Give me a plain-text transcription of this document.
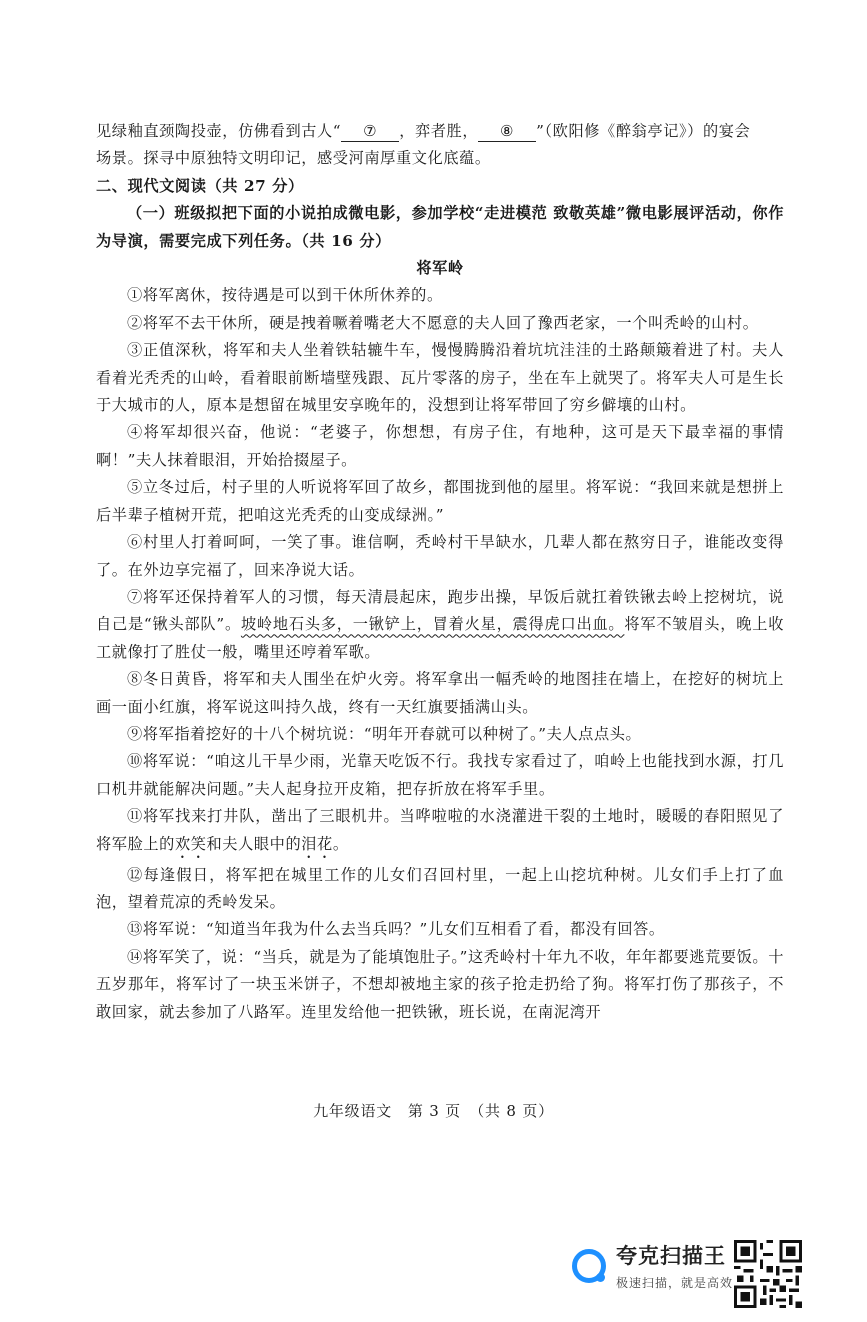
见绿釉直颈陶投壶，仿佛看到古人“ ⑦ ，弈者胜， ⑧ ”（欧阳修《醉翁亭记》）的宴会
场景。探寻中原独特文明印记，感受河南厚重文化底蕴。

二、现代文阅读（共 27 分）

（一）班级拟把下面的小说拍成微电影，参加学校“走进模范 致敬英雄”微电影展评活动，你作为导演，需要完成下列任务。（共 16 分）

将军岭

①将军离休，按待遇是可以到干休所休养的。

②将军不去干休所，硬是拽着噘着嘴老大不愿意的夫人回了豫西老家，一个叫秃岭的山村。

③正值深秋，将军和夫人坐着铁轱辘牛车，慢慢腾腾沿着坑坑洼洼的土路颠簸着进了村。夫人看着光秃秃的山岭，看着眼前断墙壁残跟、瓦片零落的房子，坐在车上就哭了。将军夫人可是生长于大城市的人，原本是想留在城里安享晚年的，没想到让将军带回了穷乡僻壤的山村。

④将军却很兴奋，他说：“老婆子，你想想，有房子住，有地种，这可是天下最幸福的事情啊！”夫人抹着眼泪，开始拾掇屋子。

⑤立冬过后，村子里的人听说将军回了故乡，都围拢到他的屋里。将军说：“我回来就是想拼上后半辈子植树开荒，把咱这光秃秃的山变成绿洲。”

⑥村里人打着呵呵，一笑了事。谁信啊，秃岭村干旱缺水，几辈人都在熬穷日子，谁能改变得了。在外边享完福了，回来净说大话。

⑦将军还保持着军人的习惯，每天清晨起床，跑步出操，早饭后就扛着铁锹去岭上挖树坑，说自己是“锹头部队”。坡岭地石头多，一锹铲上，冒着火星，震得虎口出血。将军不皱眉头，晚上收工就像打了胜仗一般，嘴里还哼着军歌。

⑧冬日黄昏，将军和夫人围坐在炉火旁。将军拿出一幅秃岭的地图挂在墙上，在挖好的树坑上画一面小红旗，将军说这叫持久战，终有一天红旗要插满山头。

⑨将军指着挖好的十八个树坑说：“明年开春就可以种树了。”夫人点点头。

⑩将军说：“咱这儿干旱少雨，光靠天吃饭不行。我找专家看过了，咱岭上也能找到水源，打几口机井就能解决问题。”夫人起身拉开皮箱，把存折放在将军手里。

⑪将军找来打井队，凿出了三眼机井。当哗啦啦的水浇灌进干裂的土地时，暖暖的春阳照见了将军脸上的欢笑和夫人眼中的泪花。

⑫每逢假日，将军把在城里工作的儿女们召回村里，一起上山挖坑种树。儿女们手上打了血泡，望着荒凉的秃岭发呆。

⑬将军说：“知道当年我为什么去当兵吗？”儿女们互相看了看，都没有回答。

⑭将军笑了，说：“当兵，就是为了能填饱肚子。”这秃岭村十年九不收，年年都要逃荒要饭。十五岁那年，将军讨了一块玉米饼子，不想却被地主家的孩子抢走扔给了狗。将军打伤了那孩子，不敢回家，就去参加了八路军。连里发给他一把铁锹，班长说，在南泥湾开

九年级语文　第 3 页　（共 8 页）
夸克扫描王
极速扫描，就是高效
